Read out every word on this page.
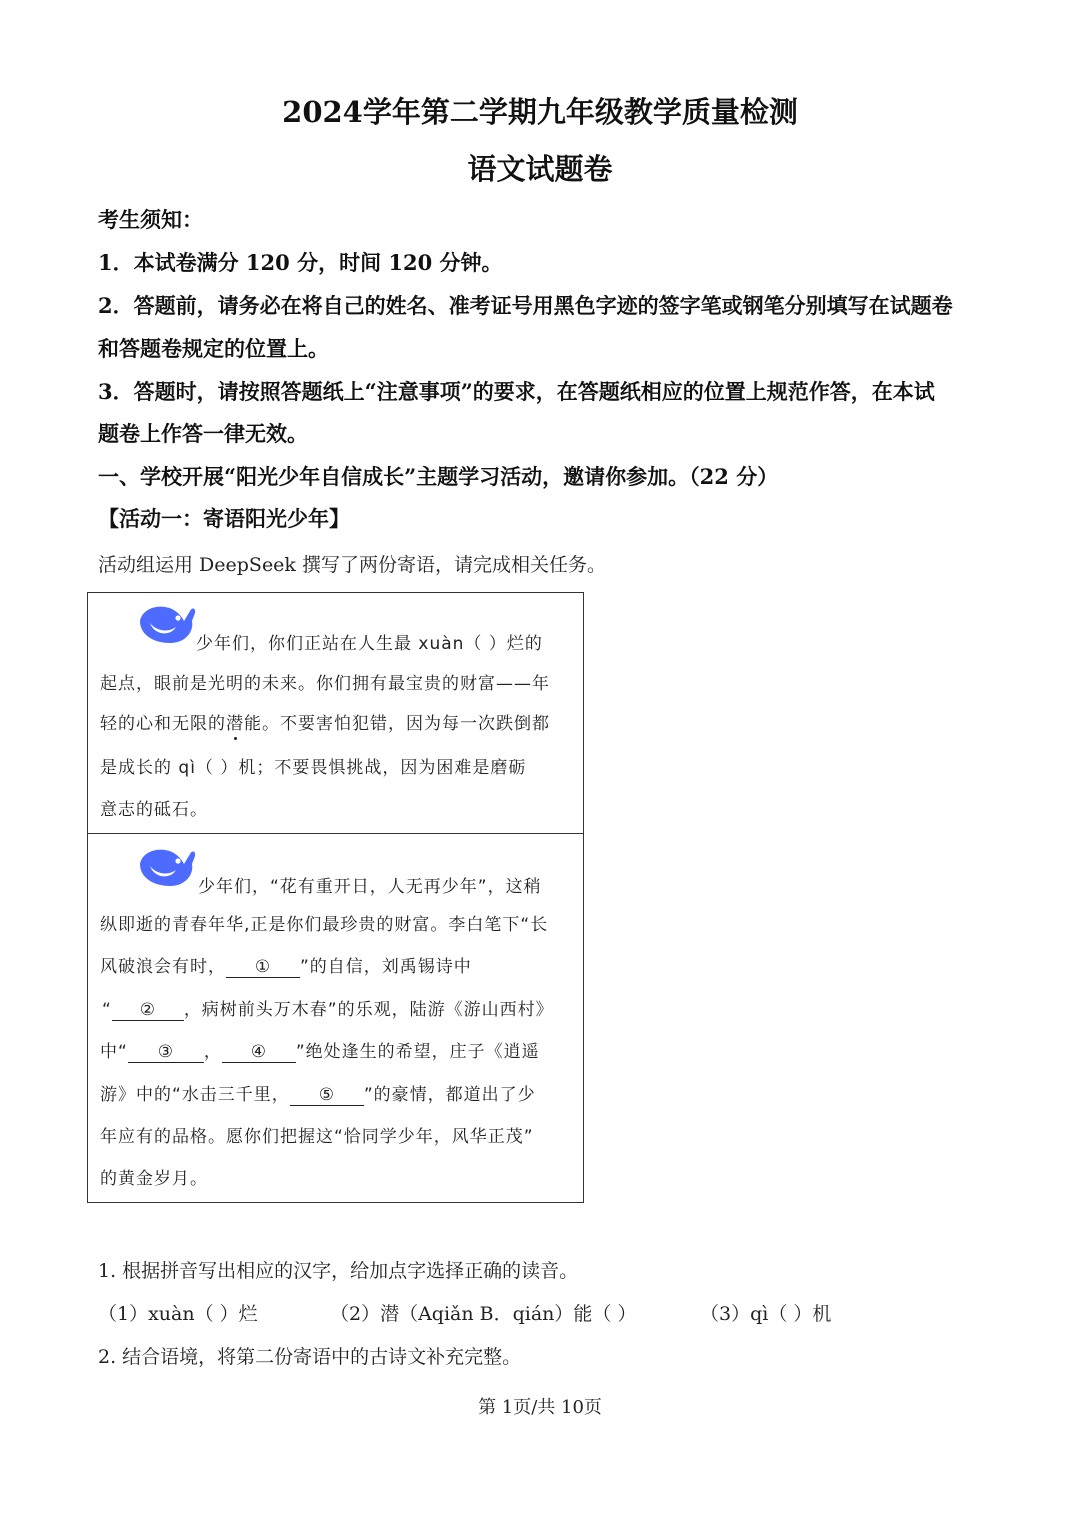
2024学年第二学期九年级教学质量检测
语文试题卷
考生须知：
1．本试卷满分 120 分，时间 120 分钟。
2．答题前，请务必在将自己的姓名、准考证号用黑色字迹的签字笔或钢笔分别填写在试题卷
和答题卷规定的位置上。
3．答题时，请按照答题纸上“注意事项”的要求，在答题纸相应的位置上规范作答，在本试
题卷上作答一律无效。
一、学校开展“阳光少年自信成长”主题学习活动，邀请你参加。（22 分）
【活动一：寄语阳光少年】
活动组运用 DeepSeek 撰写了两份寄语，请完成相关任务。
少年们，你们正站在人生最 xuàn（ ）烂的
起点，眼前是光明的未来。你们拥有最宝贵的财富——年
轻的心和无限的潜能。不要害怕犯错，因为每一次跌倒都
是成长的 qì（ ）机；不要畏惧挑战，因为困难是磨砺
意志的砥石。
少年们，“花有重开日，人无再少年”，这稍
纵即逝的青春年华,正是你们最珍贵的财富。李白笔下“长
风破浪会有时， ① ”的自信，刘禹锡诗中
“ ② ，病树前头万木春”的乐观，陆游《游山西村》
中“ ③ ， ④ ”绝处逢生的希望，庄子《逍遥
游》中的“水击三千里， ⑤ ”的豪情，都道出了少
年应有的品格。愿你们把握这“恰同学少年，风华正茂”
的黄金岁月。
1. 根据拼音写出相应的汉字，给加点字选择正确的读音。
（1）xuàn（ ）烂	（2）潜（Aqiǎn B．qián）能（ ）	（3）qì（ ）机
2. 结合语境，将第二份寄语中的古诗文补充完整。
第 1页/共 10页
